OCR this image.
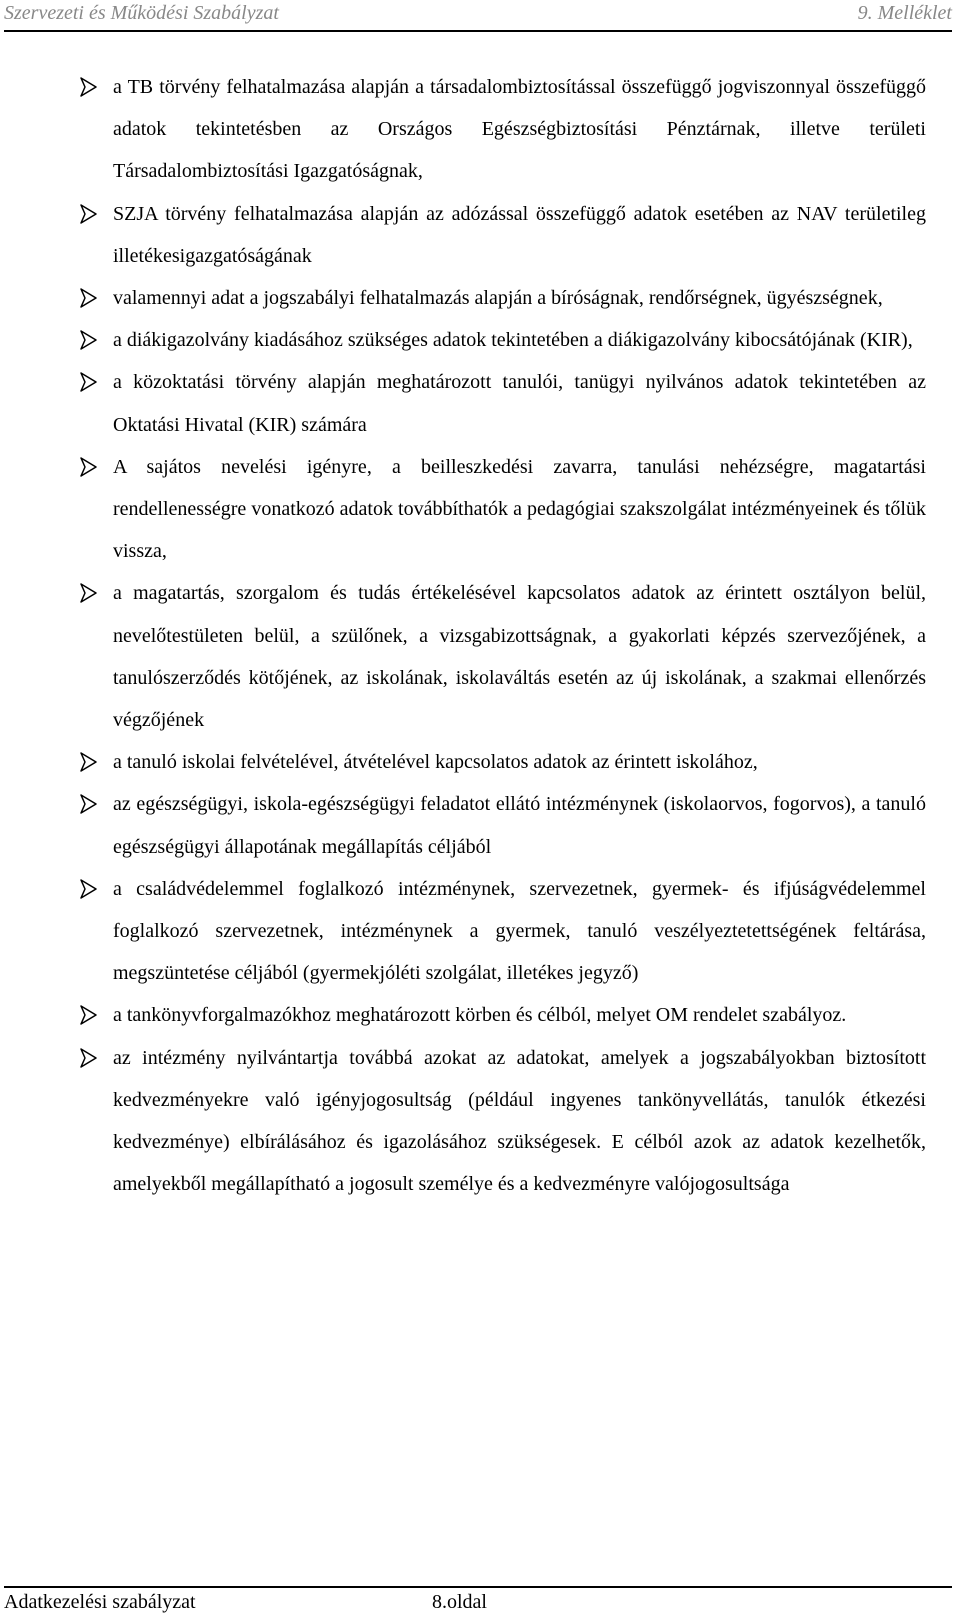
Szervezeti és Működési Szabályzat	9. Melléklet
a TB törvény felhatalmazása alapján a társadalombiztosítással összefüggő jogviszonnyal összefüggő adatok tekintetésben az Országos Egészségbiztosítási Pénztárnak, illetve területi Társadalombiztosítási Igazgatóságnak,
SZJA törvény felhatalmazása alapján az adózással összefüggő adatok esetében az NAV területileg illetékesigazgatóságának
valamennyi adat a jogszabályi felhatalmazás alapján a bíróságnak, rendőrségnek, ügyészségnek,
a diákigazolvány kiadásához szükséges adatok tekintetében a diákigazolvány kibocsátójának (KIR),
a közoktatási törvény alapján meghatározott tanulói, tanügyi nyilvános adatok tekintetében az Oktatási Hivatal (KIR) számára
A sajátos nevelési igényre, a beilleszkedési zavarra, tanulási nehézségre, magatartási rendellenességre vonatkozó adatok továbbíthatók a pedagógiai szakszolgálat intézményeinek és tőlük vissza,
a magatartás, szorgalom és tudás értékelésével kapcsolatos adatok az érintett osztályon belül, nevelőtestületen belül, a szülőnek, a vizsgabizottságnak, a gyakorlati képzés szervezőjének, a tanulószerződés kötőjének, az iskolának, iskolaváltás esetén az új iskolának, a szakmai ellenőrzés végzőjének
a tanuló iskolai felvételével, átvételével kapcsolatos adatok az érintett iskolához,
az egészségügyi, iskola-egészségügyi feladatot ellátó intézménynek (iskolaorvos, fogorvos), a tanuló egészségügyi állapotának megállapítás céljából
a családvédelemmel foglalkozó intézménynek, szervezetnek, gyermek- és ifjúságvédelemmel foglalkozó szervezetnek, intézménynek a gyermek, tanuló veszélyeztetettségének feltárása, megszüntetése céljából (gyermekjóléti szolgálat, illetékes jegyző)
a tankönyvforgalmazókhoz meghatározott körben és célból, melyet OM rendelet szabályoz.
az intézmény nyilvántartja továbbá azokat az adatokat, amelyek a jogszabályokban biztosított kedvezményekre való igényjogosultság (például ingyenes tankönyvellátás, tanulók étkezési kedvezménye) elbírálásához és igazolásához szükségesek. E célból azok az adatok kezelhetők, amelyekből megállapítható a jogosult személye és a kedvezményre valójogosultsága
Adatkezelési szabályzat	8.oldal
